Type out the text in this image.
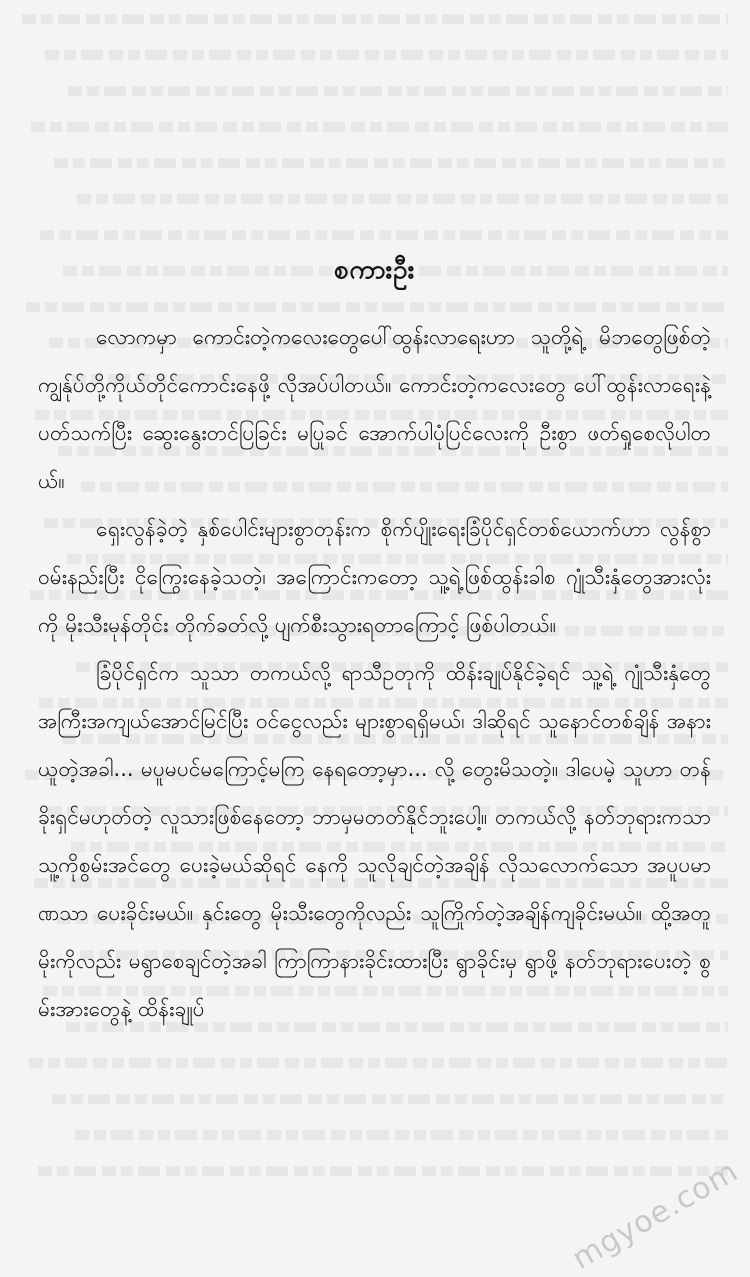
စကားဦး

လောကမှာ ကောင်းတဲ့ကလေးတွေပေါ်ထွန်းလာရေးဟာ သူတို့ရဲ့ မိဘတွေဖြစ်တဲ့ ကျွန်ုပ်တို့ကိုယ်တိုင်ကောင်းနေဖို့ လိုအပ်ပါတယ်။ ကောင်းတဲ့ကလေးတွေ ပေါ်ထွန်းလာရေးနဲ့ ပတ်သက်ပြီး ဆွေးနွေးတင်ပြခြင်း မပြုခင် အောက်ပါပုံပြင်လေးကို ဦးစွာ ဖတ်ရှုစေလိုပါတယ်။

ရှေးလွန်ခဲ့တဲ့ နှစ်ပေါင်းများစွာတုန်းက စိုက်ပျိုးရေးခြံပိုင်ရှင်တစ်ယောက်ဟာ လွန်စွာဝမ်းနည်းပြီး ငိုကြွေးနေခဲ့သတဲ့၊ အကြောင်းကတော့ သူ့ရဲ့ဖြစ်ထွန်းခါစ ဂျုံသီးနှံတွေအားလုံးကို မိုးသီးမုန်တိုင်း တိုက်ခတ်လို့ ပျက်စီးသွားရတာကြောင့် ဖြစ်ပါတယ်။

ခြံပိုင်ရှင်က သူသာ တကယ်လို့ ရာသီဥတုကို ထိန်းချုပ်နိုင်ခဲ့ရင် သူ့ရဲ့ ဂျုံသီးနှံတွေ အကြီးအကျယ်အောင်မြင်ပြီး ဝင်ငွေလည်း များစွာရရှိမယ်၊ ဒါဆိုရင် သူနောင်တစ်ချိန် အနားယူတဲ့အခါ... မပူမပင်မကြောင့်မကြ နေရတော့မှာ... လို့ တွေးမိသတဲ့။ ဒါပေမဲ့ သူဟာ တန်ခိုးရှင်မဟုတ်တဲ့ လူသားဖြစ်နေတော့ ဘာမှမတတ်နိုင်ဘူးပေါ့။ တကယ်လို့ နတ်ဘုရားကသာ သူ့ကိုစွမ်းအင်တွေ ပေးခဲ့မယ်ဆိုရင် နေကို သူလိုချင်တဲ့အချိန် လိုသလောက်သော အပူပမာဏသာ ပေးခိုင်းမယ်။ နှင်းတွေ မိုးသီးတွေကိုလည်း သူကြိုက်တဲ့အချိန်ကျခိုင်းမယ်။ ထို့အတူ မိုးကိုလည်း မရွာစေချင်တဲ့အခါ ကြာကြာနားခိုင်းထားပြီး ရွာခိုင်းမှ ရွာဖို့ နတ်ဘုရားပေးတဲ့ စွမ်းအားတွေနဲ့ ထိန်းချုပ်

mgyoe.com
